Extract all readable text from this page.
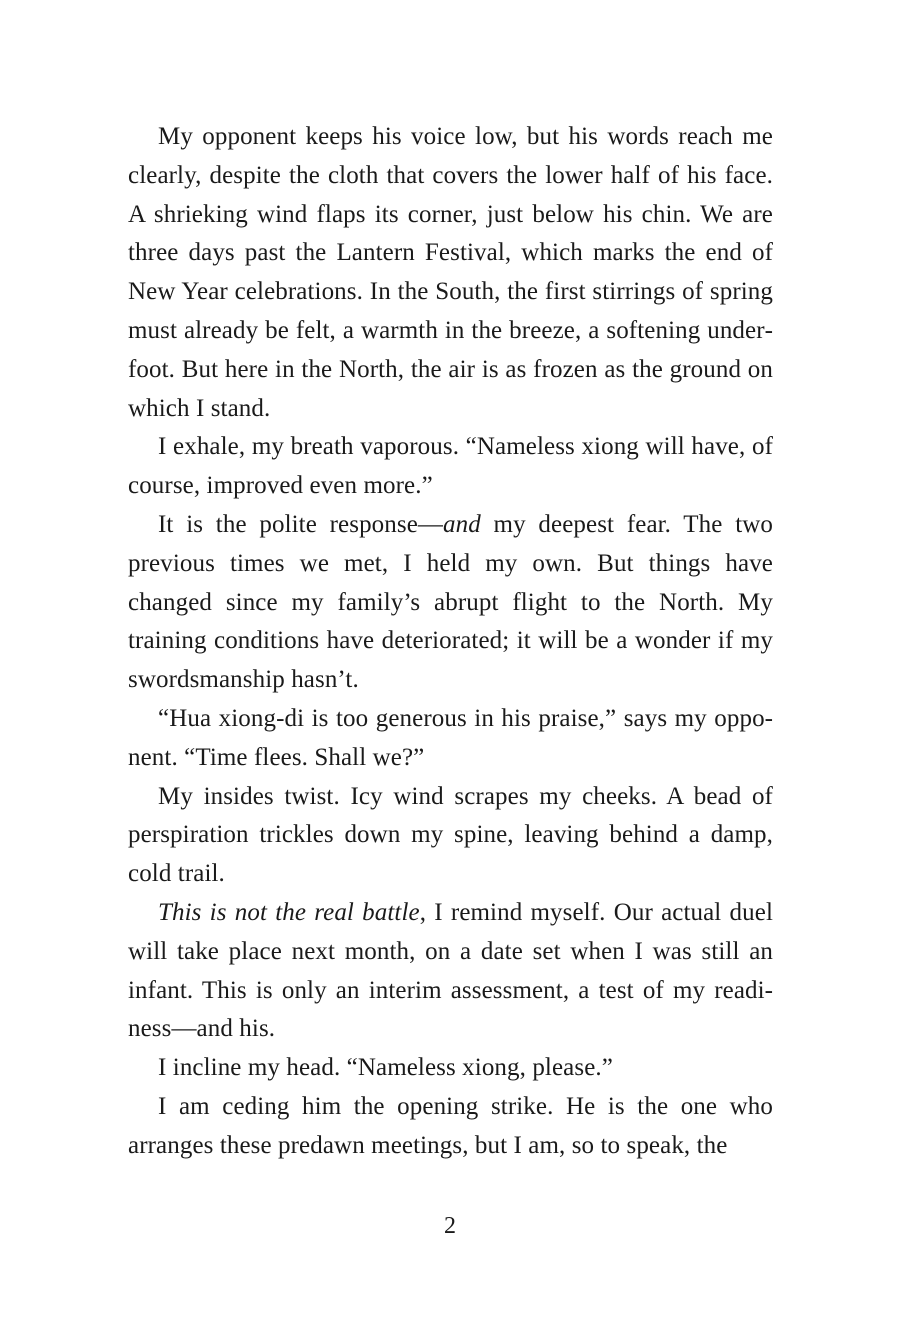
My opponent keeps his voice low, but his words reach me clearly, despite the cloth that covers the lower half of his face. A shrieking wind flaps its corner, just below his chin. We are three days past the Lantern Festival, which marks the end of New Year celebrations. In the South, the first stirrings of spring must already be felt, a warmth in the breeze, a softening underfoot. But here in the North, the air is as frozen as the ground on which I stand.

I exhale, my breath vaporous. “Nameless xiong will have, of course, improved even more.”

It is the polite response—and my deepest fear. The two previous times we met, I held my own. But things have changed since my family’s abrupt flight to the North. My training conditions have deteriorated; it will be a wonder if my swordsmanship hasn’t.

“Hua xiong-di is too generous in his praise,” says my opponent. “Time flees. Shall we?”

My insides twist. Icy wind scrapes my cheeks. A bead of perspiration trickles down my spine, leaving behind a damp, cold trail.

This is not the real battle, I remind myself. Our actual duel will take place next month, on a date set when I was still an infant. This is only an interim assessment, a test of my readiness—and his.

I incline my head. “Nameless xiong, please.”

I am ceding him the opening strike. He is the one who arranges these predawn meetings, but I am, so to speak, the

2
